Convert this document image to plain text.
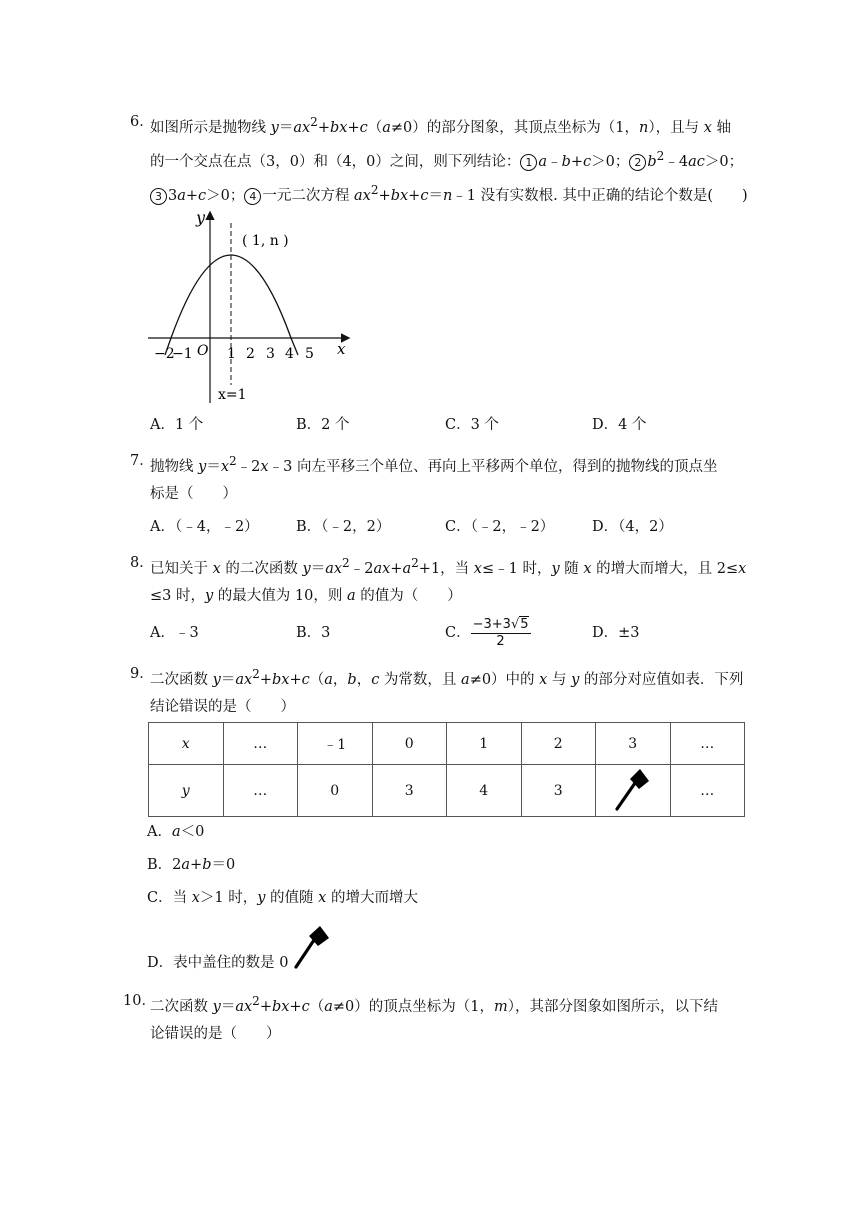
6．
如图所示是抛物线 $y=ax^2+bx+c(a\ne 0)$的部分图象，其顶点坐标为（1，n），且与 x 轴
的一个交点在点（3，0）和（4，0）之间，则下列结论： 1 a﹣b+c＞0； 2 $b^2﹣4ac>0$；
3 3a+c＞0； 4 一元二次方程 $ax^2+bx+c=n﹣1$ 没有实数根. 其中正确的结论个数是(　　)
y
x
( 1, n )
O
x=1
−2
−1 1 2 3 4 5
A．1 个	B．2 个	C．3 个	D．4 个
7．
抛物线 $y=x^2﹣2x﹣3$ 向左平移三个单位、再向上平移两个单位，得到的抛物线的顶点坐
标是（　　）
A．（﹣4，﹣2）	B．（﹣2，2）	C．（﹣2，﹣2）	D．（4，2）
8．
已知关于 x 的二次函数 $y=ax^2﹣2ax+a^2+1$，当 x≤﹣1 时，y 随 x 的增大而增大，且 2≤x
≤3 时，y 的最大值为 10，则 a 的值为（　　）
A．﹣3	B．3	C． $\frac{-3+3√5}{2}$	D．±3
9．
二次函数 $y=ax^2+bx+c(a$，b，c 为常数，且 a≠0）中的 x 与 y 的部分对应值如表．下列
结论错误的是（　　）
x	…	﹣1	0	1	2	3	…
y	…	0	3	4	3		…
A．a＜0
B．2a+b＝0
C．当 x＞1 时，y 的值随 x 的增大而增大
D．表中盖住的数是 0
10．
二次函数 $y=ax^2+bx+c(a\ne 0)$的顶点坐标为（1，m），其部分图象如图所示，以下结
论错误的是（　　）
